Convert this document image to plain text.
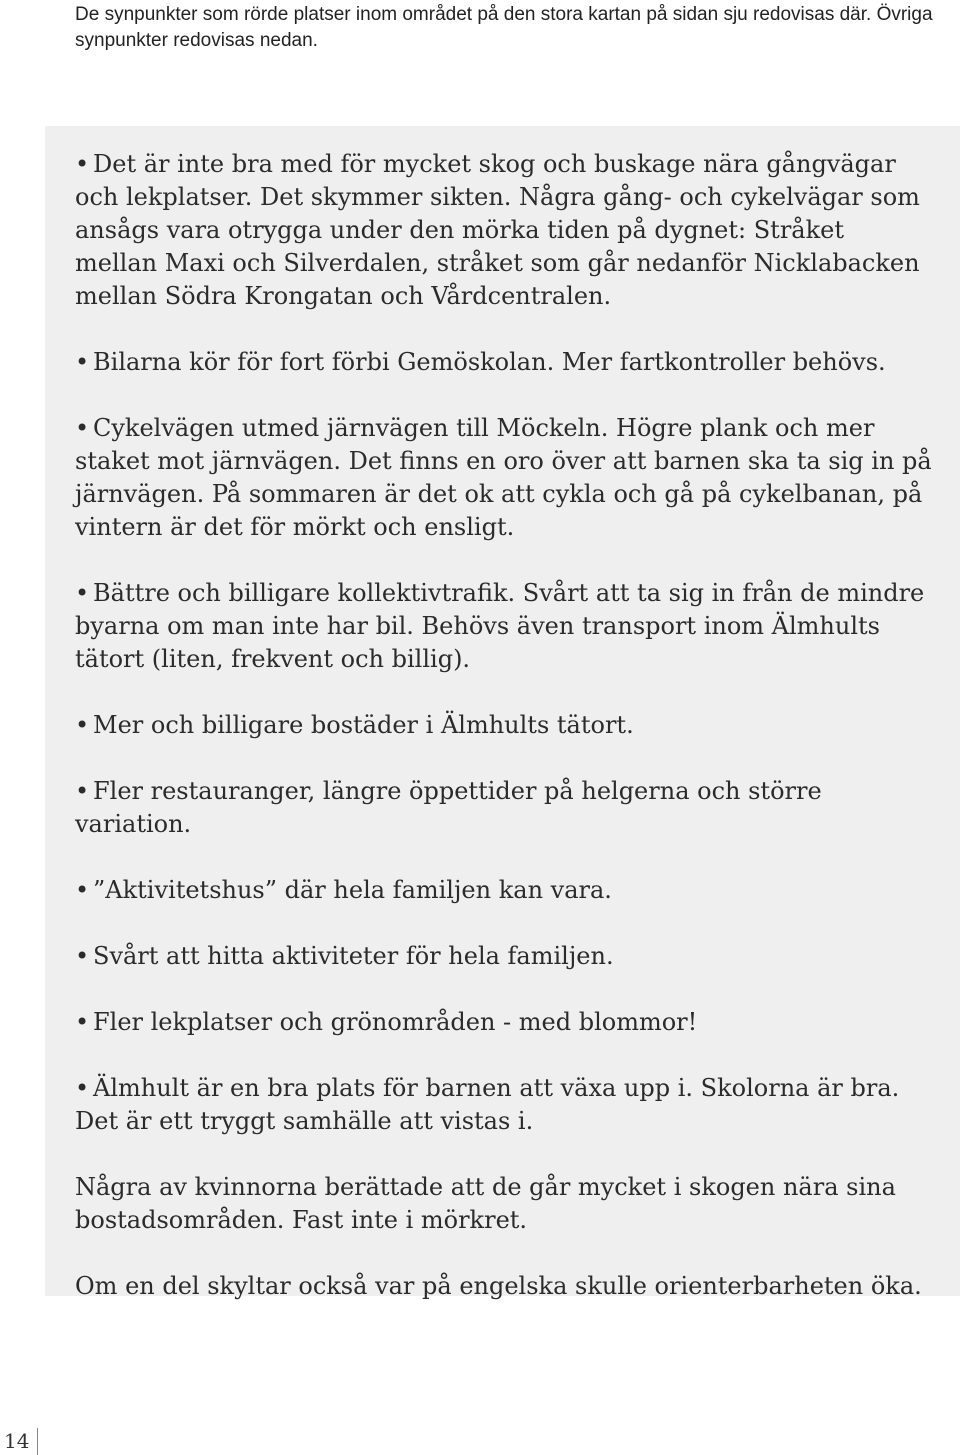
De synpunkter som rörde platser inom området på den stora kartan på sidan sju redovisas där. Övriga synpunkter redovisas nedan.

• Det är inte bra med för mycket skog och buskage nära gångvägar och lekplatser. Det skymmer sikten. Några gång- och cykelvägar som ansågs vara otrygga under den mörka tiden på dygnet: Stråket mellan Maxi och Silverdalen, stråket som går nedanför Nicklabacken mellan Södra Krongatan och Vårdcentralen.
• Bilarna kör för fort förbi Gemöskolan. Mer fartkontroller behövs.
• Cykelvägen utmed järnvägen till Möckeln. Högre plank och mer staket mot järnvägen. Det finns en oro över att barnen ska ta sig in på järnvägen. På sommaren är det ok att cykla och gå på cykelbanan, på vintern är det för mörkt och ensligt.
• Bättre och billigare kollektivtrafik. Svårt att ta sig in från de mindre byarna om man inte har bil. Behövs även transport inom Älmhults tätort (liten, frekvent och billig).
• Mer och billigare bostäder i Älmhults tätort.
• Fler restauranger, längre öppettider på helgerna och större variation.
• ”Aktivitetshus” där hela familjen kan vara.
• Svårt att hitta aktiviteter för hela familjen.
• Fler lekplatser och grönområden - med blommor!
• Älmhult är en bra plats för barnen att växa upp i. Skolorna är bra. Det är ett tryggt samhälle att vistas i.

Några av kvinnorna berättade att de går mycket i skogen nära sina bostadsområden. Fast inte i mörkret.

Om en del skyltar också var på engelska skulle orienterbarheten öka.

14
